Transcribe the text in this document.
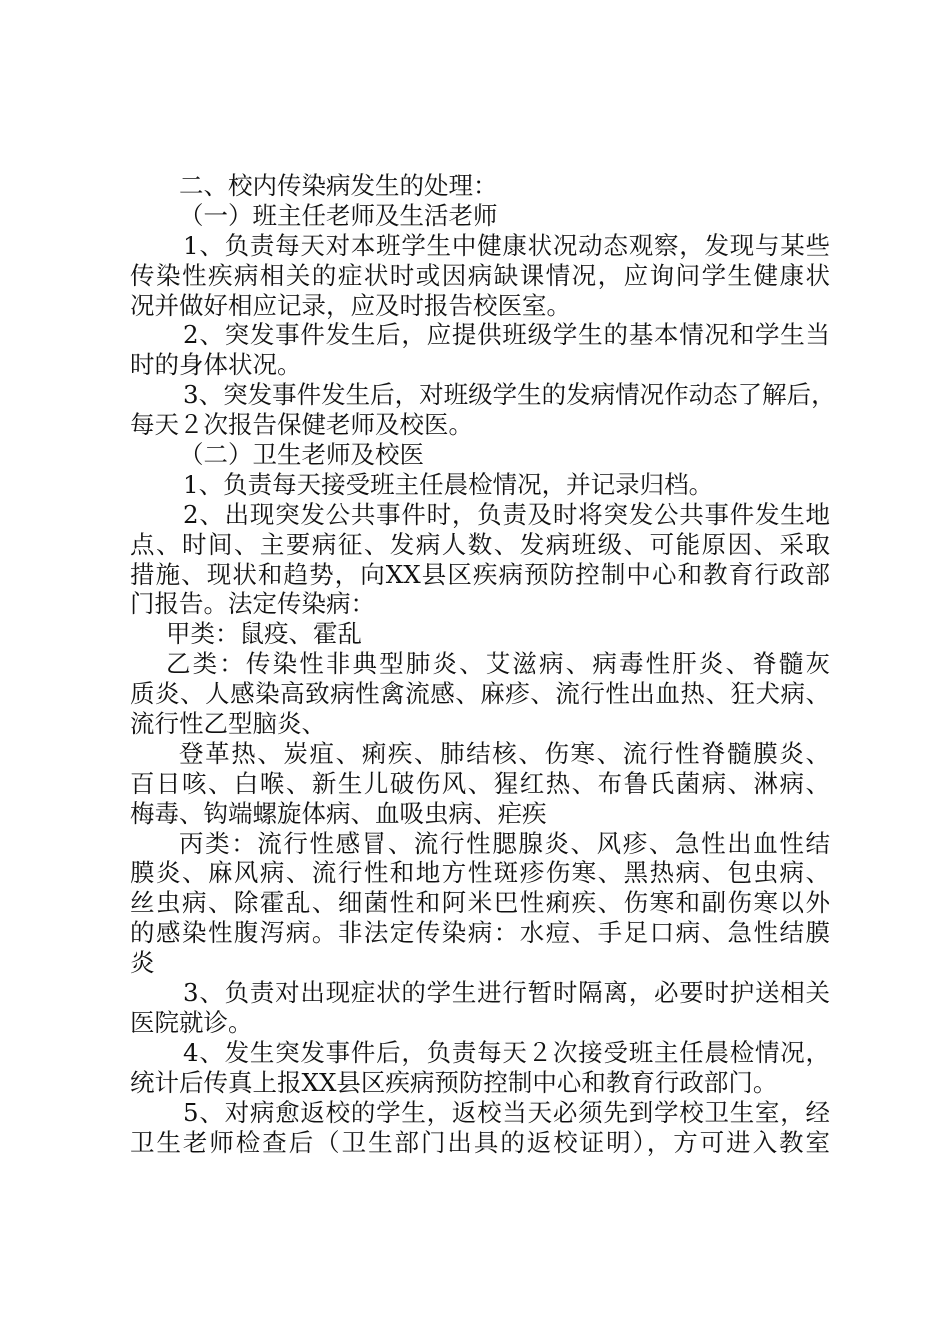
二、校内传染病发生的处理：
（一）班主任老师及生活老师
1、负责每天对本班学生中健康状况动态观察，发现与某些
传染性疾病相关的症状时或因病缺课情况，应询问学生健康状
况并做好相应记录，应及时报告校医室。
2、突发事件发生后，应提供班级学生的基本情况和学生当
时的身体状况。
3、突发事件发生后，对班级学生的发病情况作动态了解后，
每天２次报告保健老师及校医。
（二）卫生老师及校医
1、负责每天接受班主任晨检情况，并记录归档。
2、出现突发公共事件时，负责及时将突发公共事件发生地
点、时间、主要病征、发病人数、发病班级、可能原因、采取
措施、现状和趋势，向XX县区疾病预防控制中心和教育行政部
门报告。法定传染病：
甲类：鼠疫、霍乱
乙类：传染性非典型肺炎、艾滋病、病毒性肝炎、脊髓灰
质炎、人感染高致病性禽流感、麻疹、流行性出血热、狂犬病、
流行性乙型脑炎、
登革热、炭疽、痢疾、肺结核、伤寒、流行性脊髓膜炎、
百日咳、白喉、新生儿破伤风、猩红热、布鲁氏菌病、淋病、
梅毒、钩端螺旋体病、血吸虫病、疟疾
丙类：流行性感冒、流行性腮腺炎、风疹、急性出血性结
膜炎、麻风病、流行性和地方性斑疹伤寒、黑热病、包虫病、
丝虫病、除霍乱、细菌性和阿米巴性痢疾、伤寒和副伤寒以外
的感染性腹泻病。非法定传染病：水痘、手足口病、急性结膜
炎
3、负责对出现症状的学生进行暂时隔离，必要时护送相关
医院就诊。
4、发生突发事件后，负责每天２次接受班主任晨检情况，
统计后传真上报XX县区疾病预防控制中心和教育行政部门。
5、对病愈返校的学生，返校当天必须先到学校卫生室，经
卫生老师检查后（卫生部门出具的返校证明），方可进入教室
